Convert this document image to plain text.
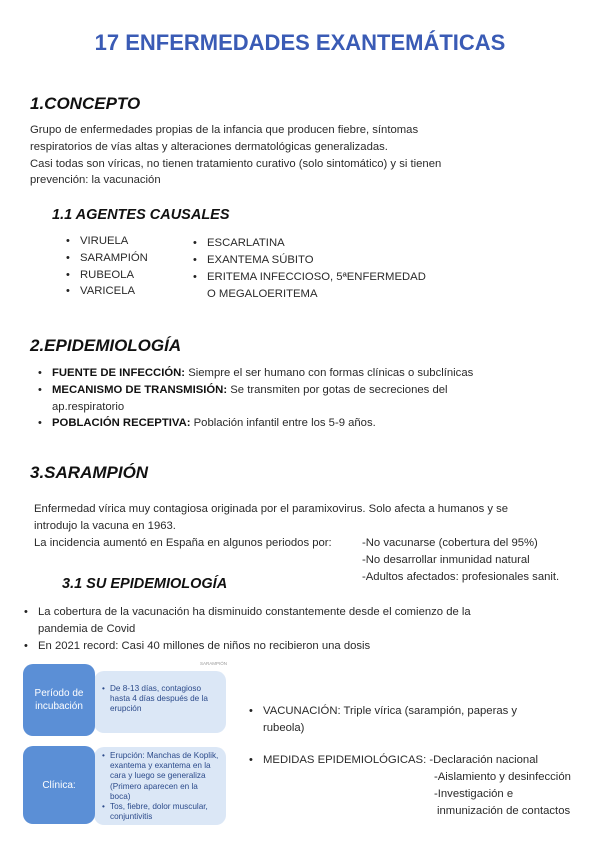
17 ENFERMEDADES EXANTEMÁTICAS
1.CONCEPTO
Grupo de enfermedades propias de la infancia que producen fiebre, síntomas
respiratorios de vías altas y alteraciones dermatológicas generalizadas.
Casi todas son víricas, no tienen tratamiento curativo (solo sintomático) y si tienen
prevención: la vacunación
1.1 AGENTES CAUSALES
• VIRUELA
• SARAMPIÓN
• RUBEOLA
• VARICELA
• ESCARLATINA
• EXANTEMA SÚBITO
• ERITEMA INFECCIOSO, 5ªENFERMEDAD
O MEGALOERITEMA
2.EPIDEMIOLOGÍA
• FUENTE DE INFECCIÓN: Siempre el ser humano con formas clínicas o subclínicas
• MECANISMO DE TRANSMISIÓN: Se transmiten por gotas de secreciones del
ap.respiratorio
• POBLACIÓN RECEPTIVA: Población infantil entre los 5-9 años.
3.SARAMPIÓN
Enfermedad vírica muy contagiosa originada por el paramixovirus. Solo afecta a humanos y se
introdujo la vacuna en 1963.
La incidencia aumentó en España en algunos periodos por:	-No vacunarse (cobertura del 95%)
-No desarrollar inmunidad natural
-Adultos afectados: profesionales sanit.
3.1 SU EPIDEMIOLOGÍA
• La cobertura de la vacunación ha disminuido constantemente desde el comienzo de la
pandemia de Covid
• En 2021 record: Casi 40 millones de niños no recibieron una dosis
SARAMPIÓN
• De 8-13 días, contagioso hasta 4 días después de la erupción
Período de incubación
• Erupción: Manchas de Koplik, exantema y exantema en la cara y luego se generaliza (Primero aparecen en la boca)
• Tos, fiebre, dolor muscular, conjuntivitis
Clínica:
• VACUNACIÓN: Triple vírica (sarampión, paperas y
rubeola)
• MEDIDAS EPIDEMIOLÓGICAS: -Declaración nacional
-Aislamiento y desinfección
-Investigación e
inmunización de contactos
